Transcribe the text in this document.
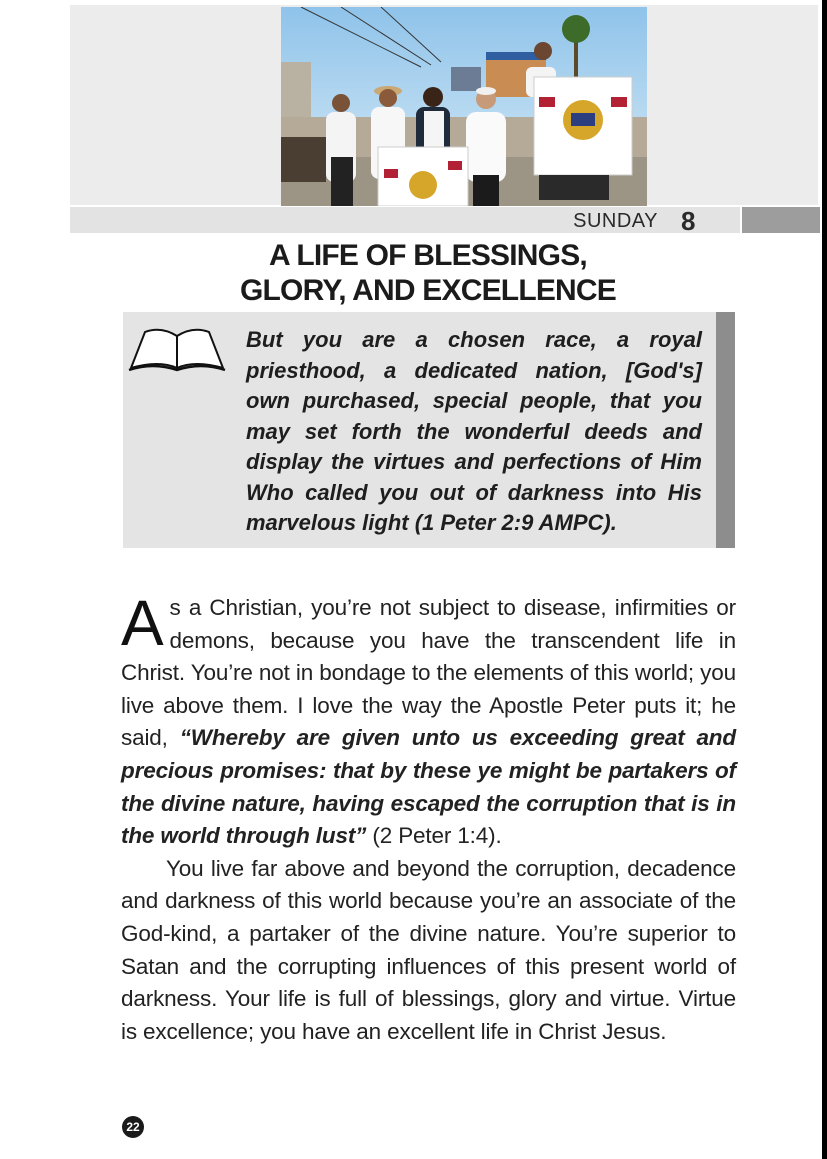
SUNDAY 8
A LIFE OF BLESSINGS,
GLORY, AND EXCELLENCE
But you are a chosen race, a royal priesthood, a dedicated nation, [God's] own purchased, special people, that you may set forth the wonderful deeds and display the virtues and perfections of Him Who called you out of darkness into His marvelous light (1 Peter 2:9 AMPC).

As a Christian, you’re not subject to disease, infirmities or demons, because you have the transcendent life in Christ. You’re not in bondage to the elements of this world; you live above them. I love the way the Apostle Peter puts it; he said, “Whereby are given unto us exceeding great and precious promises: that by these ye might be partakers of the divine nature, having escaped the corruption that is in the world through lust” (2 Peter 1:4).

You live far above and beyond the corruption, decadence and darkness of this world because you’re an associate of the God-kind, a partaker of the divine nature. You’re superior to Satan and the corrupting influences of this present world of darkness. Your life is full of blessings, glory and virtue. Virtue is excellence; you have an excellent life in Christ Jesus.

22
